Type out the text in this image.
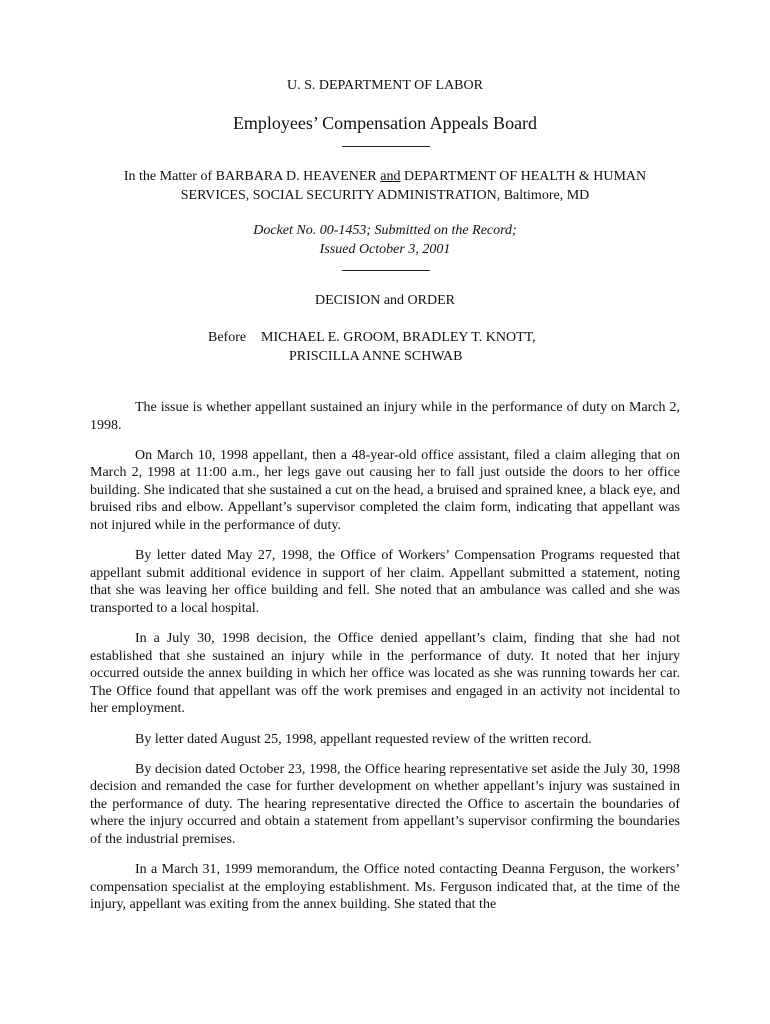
U. S. DEPARTMENT OF LABOR
Employees’ Compensation Appeals Board
In the Matter of BARBARA D. HEAVENER and DEPARTMENT OF HEALTH & HUMAN
SERVICES, SOCIAL SECURITY ADMINISTRATION, Baltimore, MD
Docket No. 00-1453; Submitted on the Record;
Issued October 3, 2001
DECISION and ORDER
Before MICHAEL E. GROOM, BRADLEY T. KNOTT,
PRISCILLA ANNE SCHWAB

The issue is whether appellant sustained an injury while in the performance of duty on March 2, 1998.

On March 10, 1998 appellant, then a 48-year-old office assistant, filed a claim alleging that on March 2, 1998 at 11:00 a.m., her legs gave out causing her to fall just outside the doors to her office building. She indicated that she sustained a cut on the head, a bruised and sprained knee, a black eye, and bruised ribs and elbow. Appellant’s supervisor completed the claim form, indicating that appellant was not injured while in the performance of duty.

By letter dated May 27, 1998, the Office of Workers’ Compensation Programs requested that appellant submit additional evidence in support of her claim. Appellant submitted a statement, noting that she was leaving her office building and fell. She noted that an ambulance was called and she was transported to a local hospital.

In a July 30, 1998 decision, the Office denied appellant’s claim, finding that she had not established that she sustained an injury while in the performance of duty. It noted that her injury occurred outside the annex building in which her office was located as she was running towards her car. The Office found that appellant was off the work premises and engaged in an activity not incidental to her employment.

By letter dated August 25, 1998, appellant requested review of the written record.

By decision dated October 23, 1998, the Office hearing representative set aside the July 30, 1998 decision and remanded the case for further development on whether appellant’s injury was sustained in the performance of duty. The hearing representative directed the Office to ascertain the boundaries of where the injury occurred and obtain a statement from appellant’s supervisor confirming the boundaries of the industrial premises.

In a March 31, 1999 memorandum, the Office noted contacting Deanna Ferguson, the workers’ compensation specialist at the employing establishment. Ms. Ferguson indicated that, at the time of the injury, appellant was exiting from the annex building. She stated that the
